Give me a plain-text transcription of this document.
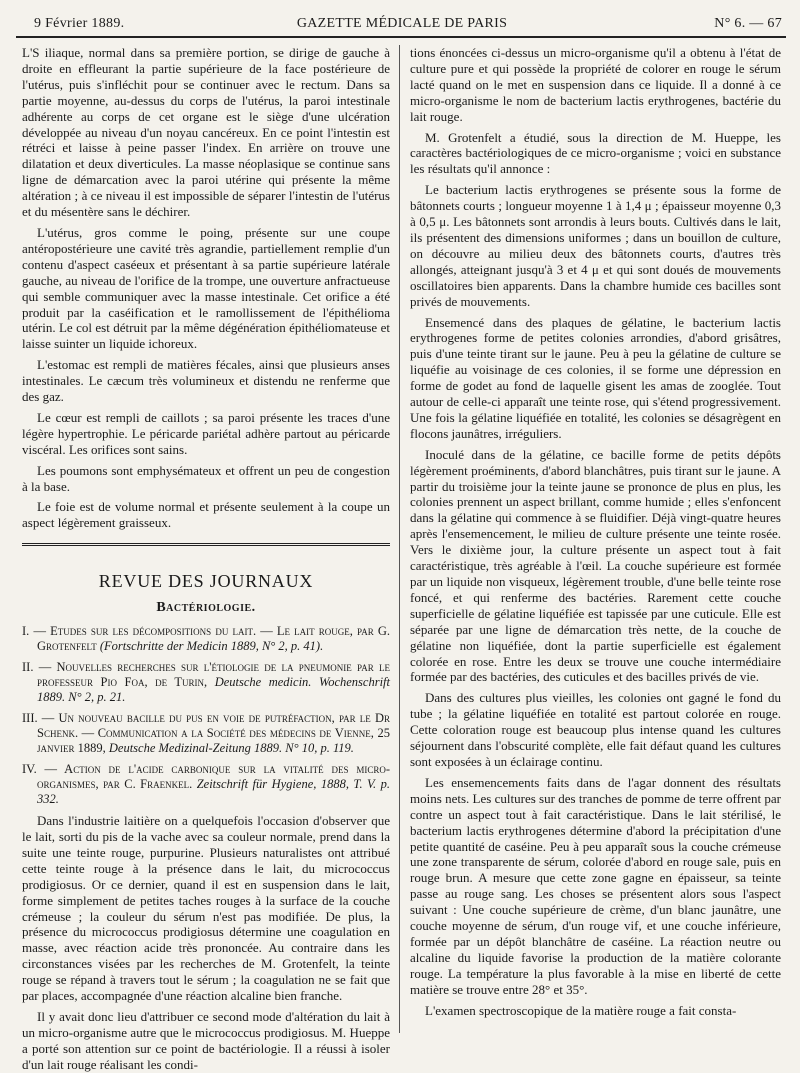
9 Février 1889.	GAZETTE MÉDICALE DE PARIS	N° 6. — 67

L'S iliaque, normal dans sa première portion, se dirige de gauche à droite en effleurant la partie supérieure de la face postérieure de l'utérus, puis s'infléchit pour se continuer avec le rectum. Dans sa partie moyenne, au-dessus du corps de l'utérus, la paroi intestinale adhérente au corps de cet organe est le siège d'une ulcération développée au niveau d'un noyau cancéreux. En ce point l'intestin est rétréci et laisse à peine passer l'index. En arrière on trouve une dilatation et deux diverticules. La masse néoplasique se continue sans ligne de démarcation avec la paroi utérine qui présente la même altération ; à ce niveau il est impossible de séparer l'intestin de l'utérus et du mésentère sans le déchirer.

L'utérus, gros comme le poing, présente sur une coupe antéropostérieure une cavité très agrandie, partiellement remplie d'un contenu d'aspect caséeux et présentant à sa partie supérieure latérale gauche, au niveau de l'orifice de la trompe, une ouverture anfractueuse qui semble communiquer avec la masse intestinale. Cet orifice a été produit par la caséification et le ramollissement de l'épithélioma utérin. Le col est détruit par la même dégénération épithéliomateuse et laisse suinter un liquide ichoreux.

L'estomac est rempli de matières fécales, ainsi que plusieurs anses intestinales. Le cæcum très volumineux et distendu ne renferme que des gaz.

Le cœur est rempli de caillots ; sa paroi présente les traces d'une légère hypertrophie. Le péricarde pariétal adhère partout au péricarde viscéral. Les orifices sont sains.

Les poumons sont emphysémateux et offrent un peu de congestion à la base.

Le foie est de volume normal et présente seulement à la coupe un aspect légèrement graisseux.

REVUE DES JOURNAUX
Bactériologie.
I. — Etudes sur les décompositions du lait. — Le lait rouge, par G. Grotenfelt (Fortschritte der Medicin 1889, N° 2, p. 41).
II. — Nouvelles recherches sur l'étiologie de la pneumonie par le professeur Pio Foa, de Turin, Deutsche medicin. Wochenschrift 1889. N° 2, p. 21.
III. — Un nouveau bacille du pus en voie de putréfaction, par le Dr Schenk. — Communication a la Société des médecins de Vienne, 25 janvier 1889, Deutsche Medizinal-Zeitung 1889. N° 10, p. 119.
IV. — Action de l'acide carbonique sur la vitalité des micro-organismes, par C. Fraenkel. Zeitschrift für Hygiene, 1888, T. V. p. 332.

Dans l'industrie laitière on a quelquefois l'occasion d'observer que le lait, sorti du pis de la vache avec sa couleur normale, prend dans la suite une teinte rouge, purpurine. Plusieurs naturalistes ont attribué cette teinte rouge à la présence dans le lait, du micrococcus prodigiosus. Or ce dernier, quand il est en suspension dans le lait, forme simplement de petites taches rouges à la surface de la couche crémeuse ; la couleur du sérum n'est pas modifiée. De plus, la présence du micrococcus prodigiosus détermine une coagulation en masse, avec réaction acide très prononcée. Au contraire dans les circonstances visées par les recherches de M. Grotenfelt, la teinte rouge se répand à travers tout le sérum ; la coagulation ne se fait que par places, accompagnée d'une réaction alcaline bien franche.

Il y avait donc lieu d'attribuer ce second mode d'altération du lait à un micro-organisme autre que le micrococcus prodigiosus. M. Hueppe a porté son attention sur ce point de bactériologie. Il a réussi à isoler d'un lait rouge réalisant les condi-

tions énoncées ci-dessus un micro-organisme qu'il a obtenu à l'état de culture pure et qui possède la propriété de colorer en rouge le sérum lacté quand on le met en suspension dans ce liquide. Il a donné à ce micro-organisme le nom de bacterium lactis erythrogenes, bactérie du lait rouge.

M. Grotenfelt a étudié, sous la direction de M. Hueppe, les caractères bactériologiques de ce micro-organisme ; voici en substance les résultats qu'il annonce :

Le bacterium lactis erythrogenes se présente sous la forme de bâtonnets courts ; longueur moyenne 1 à 1,4 μ ; épaisseur moyenne 0,3 à 0,5 μ. Les bâtonnets sont arrondis à leurs bouts. Cultivés dans le lait, ils présentent des dimensions uniformes ; dans un bouillon de culture, on découvre au milieu deux des bâtonnets courts, d'autres très allongés, atteignant jusqu'à 3 et 4 μ et qui sont doués de mouvements oscillatoires bien apparents. Dans la chambre humide ces bacilles sont privés de mouvements.

Ensemencé dans des plaques de gélatine, le bacterium lactis erythrogenes forme de petites colonies arrondies, d'abord grisâtres, puis d'une teinte tirant sur le jaune. Peu à peu la gélatine de culture se liquéfie au voisinage de ces colonies, il se forme une dépression en forme de godet au fond de laquelle gisent les amas de zooglée. Tout autour de celle-ci apparaît une teinte rose, qui s'étend progressivement. Une fois la gélatine liquéfiée en totalité, les colonies se désagrègent en flocons jaunâtres, irréguliers.

Inoculé dans de la gélatine, ce bacille forme de petits dépôts légèrement proéminents, d'abord blanchâtres, puis tirant sur le jaune. A partir du troisième jour la teinte jaune se prononce de plus en plus, les colonies prennent un aspect brillant, comme humide ; elles s'enfoncent dans la gélatine qui commence à se fluidifier. Déjà vingt-quatre heures après l'ensemencement, le milieu de culture présente une teinte rosée. Vers le dixième jour, la culture présente un aspect tout à fait caractéristique, très agréable à l'œil. La couche supérieure est formée par un liquide non visqueux, légèrement trouble, d'une belle teinte rose foncé, et qui renferme des bactéries. Rarement cette couche superficielle de gélatine liquéfiée est tapissée par une cuticule. Elle est séparée par une ligne de démarcation très nette, de la couche de gélatine non liquéfiée, dont la partie superficielle est également colorée en rose. Entre les deux se trouve une couche intermédiaire formée par des bactéries, des cuticules et des bacilles privés de vie.

Dans des cultures plus vieilles, les colonies ont gagné le fond du tube ; la gélatine liquéfiée en totalité est partout colorée en rouge. Cette coloration rouge est beaucoup plus intense quand les cultures séjournent dans l'obscurité complète, elle fait défaut quand les cultures sont exposées à un éclairage continu.

Les ensemencements faits dans de l'agar donnent des résultats moins nets. Les cultures sur des tranches de pomme de terre offrent par contre un aspect tout à fait caractéristique. Dans le lait stérilisé, le bacterium lactis erythrogenes détermine d'abord la précipitation d'une petite quantité de caséine. Peu à peu apparaît sous la couche crémeuse une zone transparente de sérum, colorée d'abord en rouge sale, puis en rouge brun. A mesure que cette zone gagne en épaisseur, sa teinte passe au rouge sang. Les choses se présentent alors sous l'aspect suivant : Une couche supérieure de crème, d'un blanc jaunâtre, une couche moyenne de sérum, d'un rouge vif, et une couche inférieure, formée par un dépôt blanchâtre de caséine. La réaction neutre ou alcaline du liquide favorise la production de la matière colorante rouge. La température la plus favorable à la mise en liberté de cette matière se trouve entre 28° et 35°.

L'examen spectroscopique de la matière rouge a fait consta-
